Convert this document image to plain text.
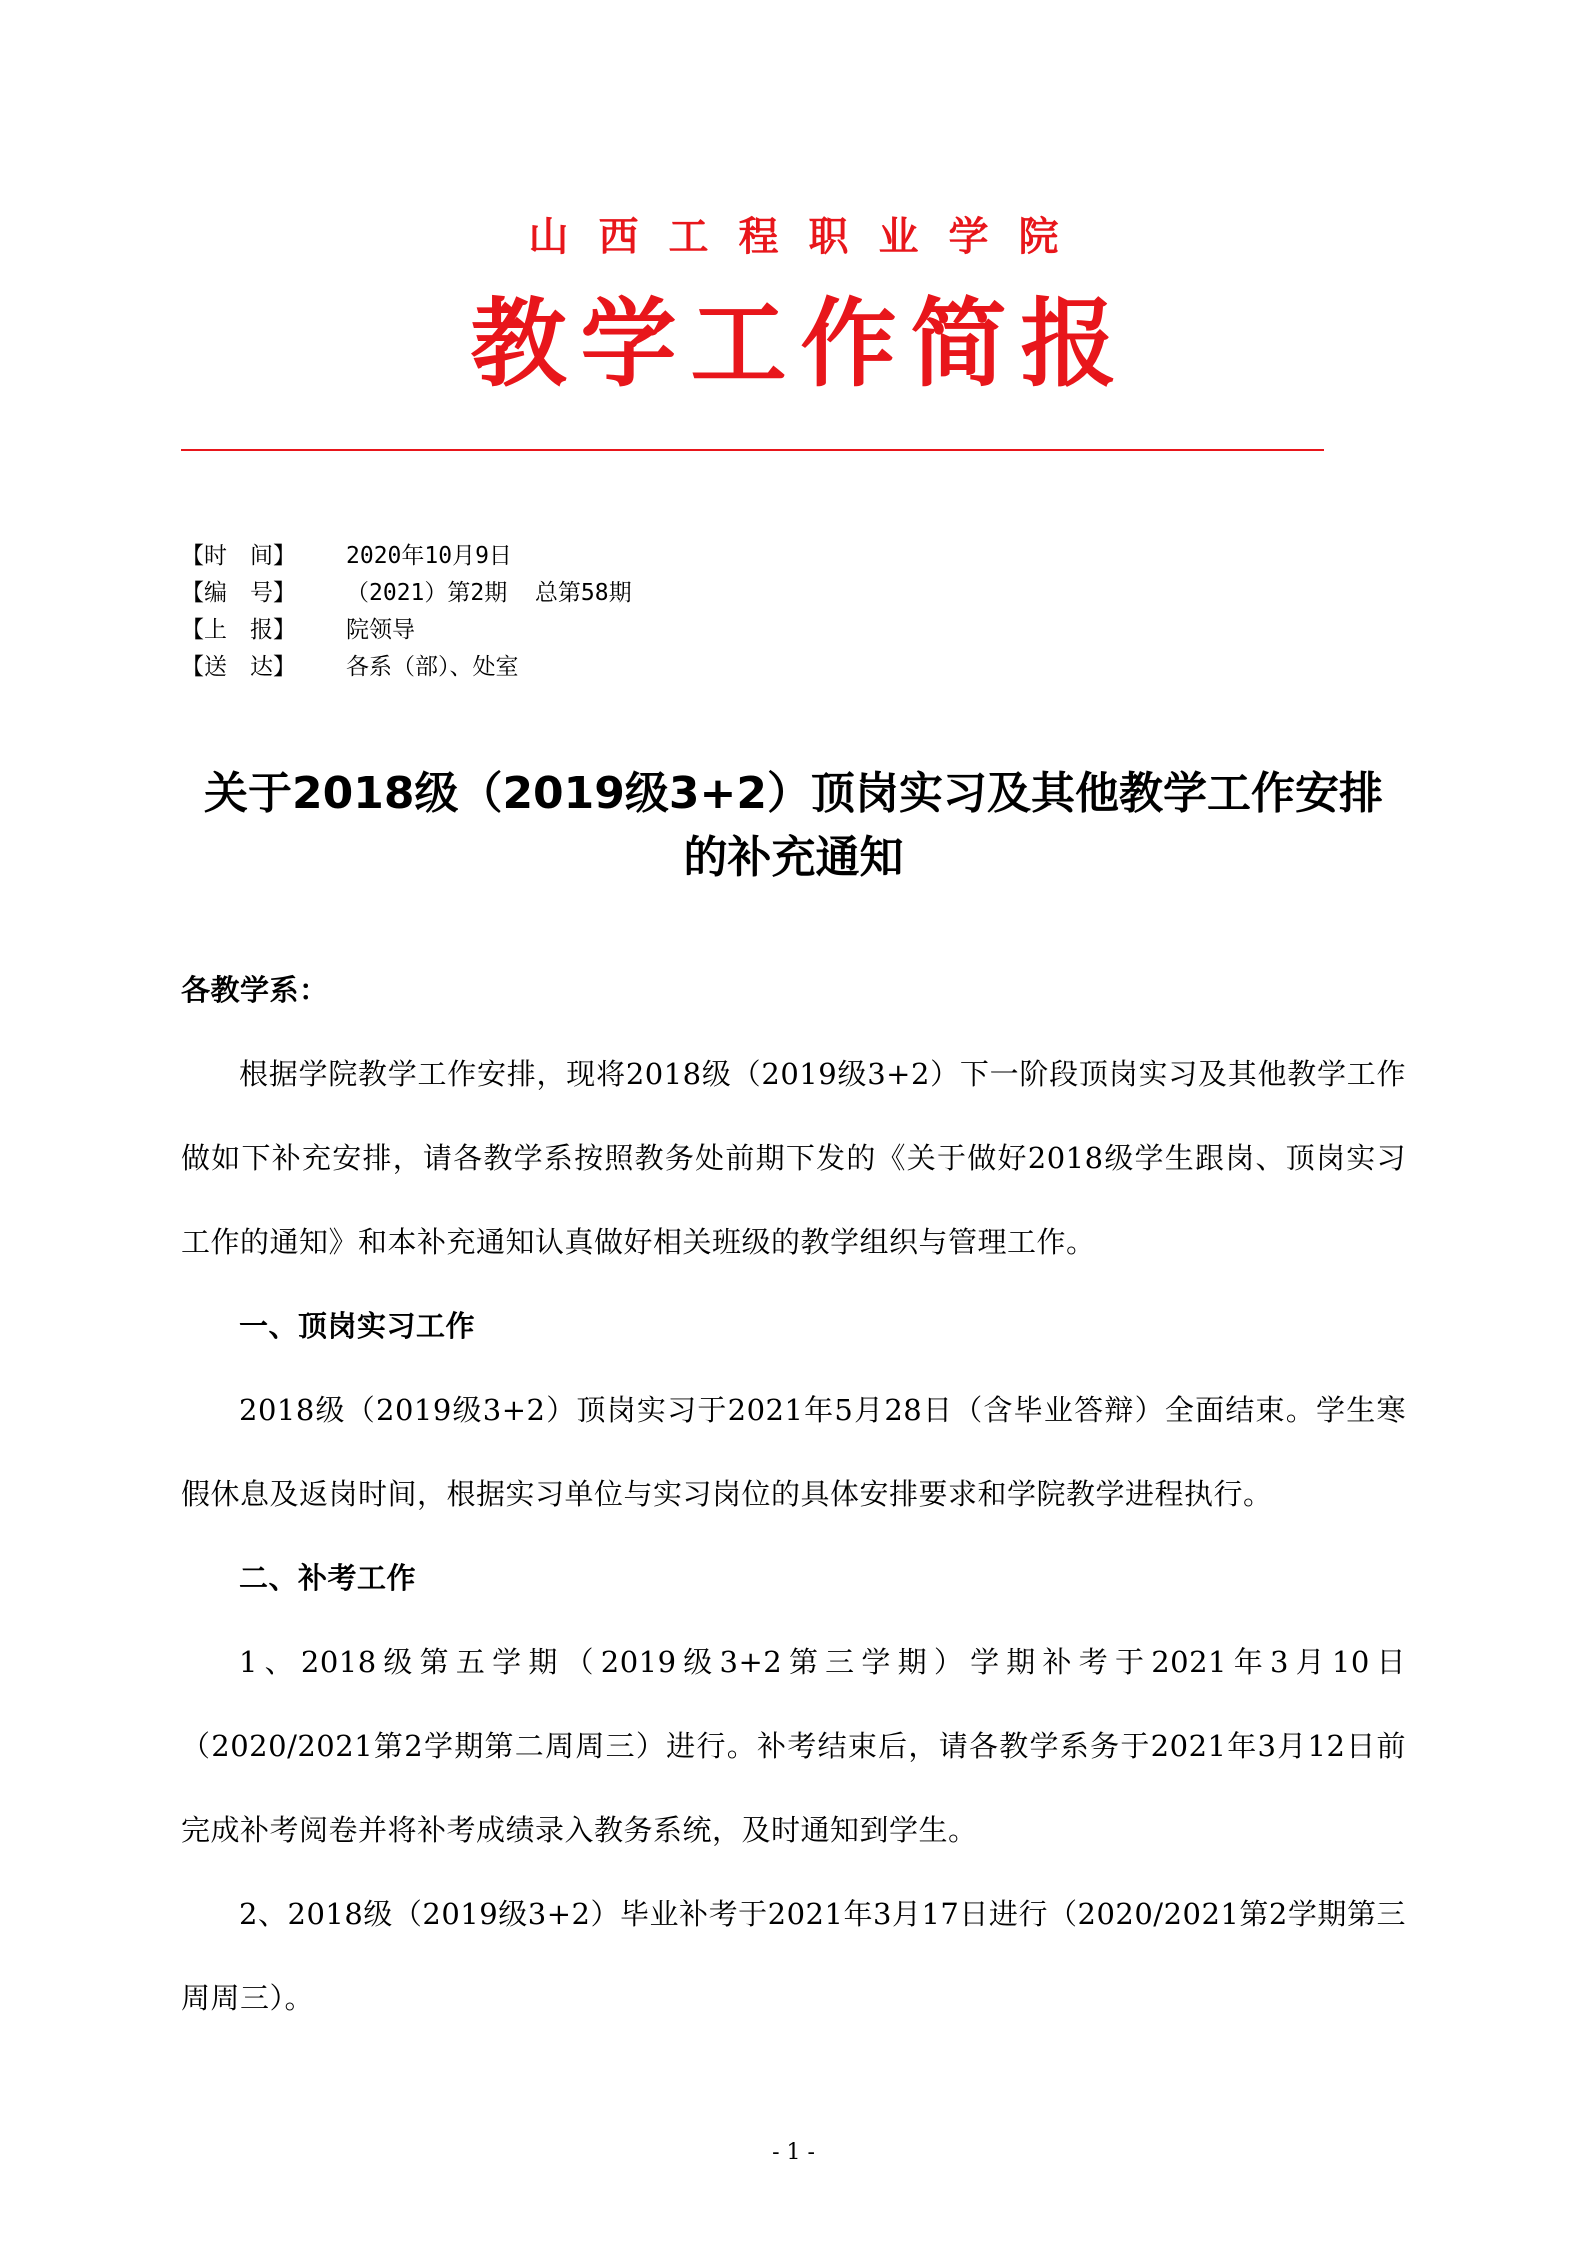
山西工程职业学院
教学工作简报
【时　间】	2020年10月9日
【编　号】	（2021）第2期  总第58期
【上　报】	院领导
【送　达】	各系（部）、处室
关于2018级（2019级3+2）顶岗实习及其他教学工作安排
的补充通知

各教学系：

根据学院教学工作安排，现将2018级（2019级3+2）下一阶段顶岗实习及其他教学工作做如下补充安排，请各教学系按照教务处前期下发的《关于做好2018级学生跟岗、顶岗实习工作的通知》和本补充通知认真做好相关班级的教学组织与管理工作。

一、顶岗实习工作

2018级（2019级3+2）顶岗实习于2021年5月28日（含毕业答辩）全面结束。学生寒假休息及返岗时间，根据实习单位与实习岗位的具体安排要求和学院教学进程执行。

二、补考工作

1、2018级第五学期（2019级3+2第三学期）学期补考于2021年3月10日（2020/2021第2学期第二周周三）进行。补考结束后，请各教学系务于2021年3月12日前完成补考阅卷并将补考成绩录入教务系统，及时通知到学生。

2、2018级（2019级3+2）毕业补考于2021年3月17日进行（2020/2021第2学期第三周周三）。

- 1 -
